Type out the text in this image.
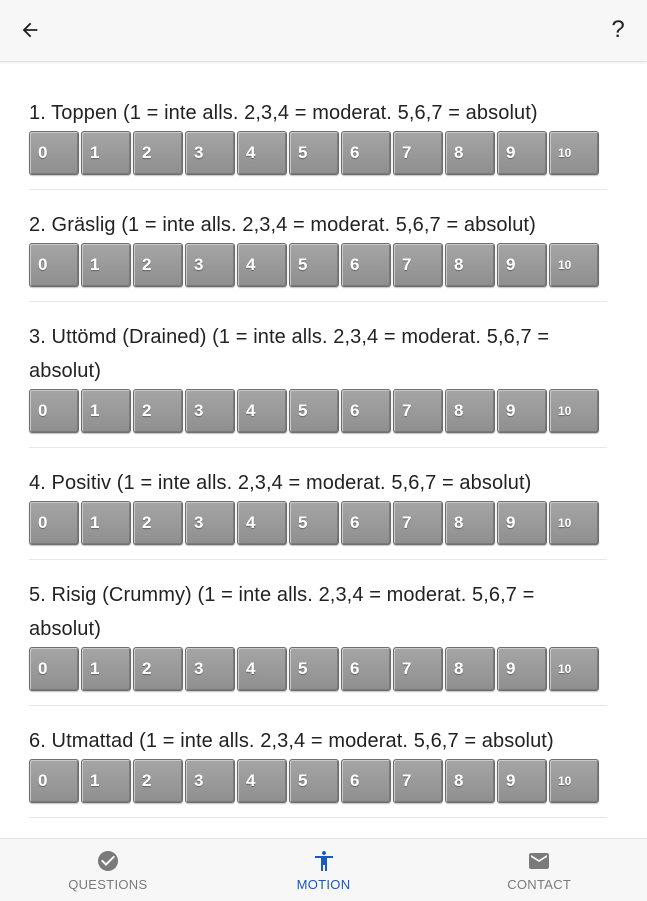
?
1. Toppen (1 = inte alls. 2,3,4 = moderat. 5,6,7 = absolut)
0	1	2	3	4	5	6	7	8	9	10
2. Gräslig (1 = inte alls. 2,3,4 = moderat. 5,6,7 = absolut)
0	1	2	3	4	5	6	7	8	9	10
3. Uttömd (Drained) (1 = inte alls. 2,3,4 = moderat. 5,6,7 = absolut)
0	1	2	3	4	5	6	7	8	9	10
4. Positiv (1 = inte alls. 2,3,4 = moderat. 5,6,7 = absolut)
0	1	2	3	4	5	6	7	8	9	10
5. Risig (Crummy) (1 = inte alls. 2,3,4 = moderat. 5,6,7 = absolut)
0	1	2	3	4	5	6	7	8	9	10
6. Utmattad (1 = inte alls. 2,3,4 = moderat. 5,6,7 = absolut)
0	1	2	3	4	5	6	7	8	9	10
QUESTIONS	MOTION	CONTACT
